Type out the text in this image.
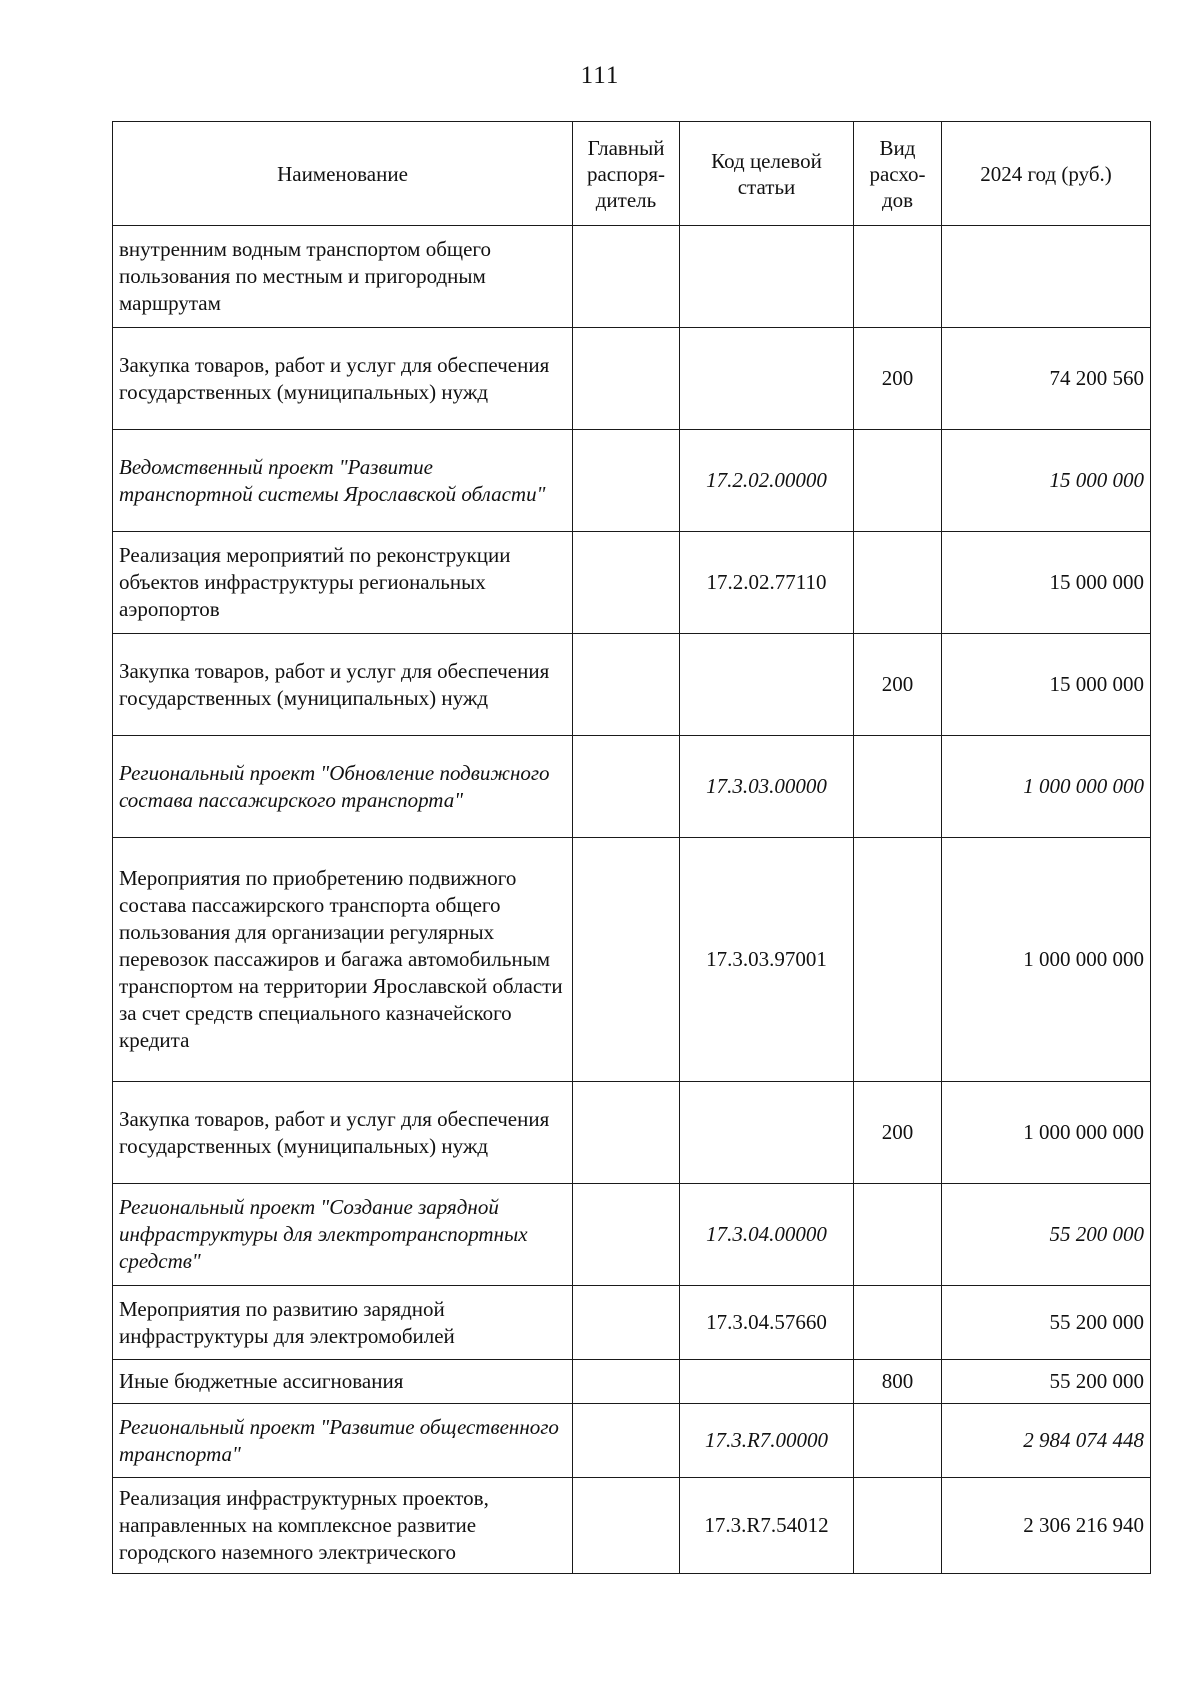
111
Наименование	Главный распоря-дитель	Код целевой статьи	Вид расхо-дов	2024 год (руб.)
внутренним водным транспортом общего пользования по местным и пригородным маршрутам				
Закупка товаров, работ и услуг для обеспечения государственных (муниципальных) нужд			200	74 200 560
Ведомственный проект "Развитие транспортной системы Ярославской области"		17.2.02.00000		15 000 000
Реализация мероприятий по реконструкции объектов инфраструктуры региональных аэропортов		17.2.02.77110		15 000 000
Закупка товаров, работ и услуг для обеспечения государственных (муниципальных) нужд			200	15 000 000
Региональный проект "Обновление подвижного состава пассажирского транспорта"		17.3.03.00000		1 000 000 000
Мероприятия по приобретению подвижного состава пассажирского транспорта общего пользования для организации регулярных перевозок пассажиров и багажа автомобильным транспортом на территории Ярославской области за счет средств специального казначейского кредита		17.3.03.97001		1 000 000 000
Закупка товаров, работ и услуг для обеспечения государственных (муниципальных) нужд			200	1 000 000 000
Региональный проект "Создание зарядной инфраструктуры для электротранспортных средств"		17.3.04.00000		55 200 000
Мероприятия по развитию зарядной инфраструктуры для электромобилей		17.3.04.57660		55 200 000
Иные бюджетные ассигнования			800	55 200 000
Региональный проект "Развитие общественного транспорта"		17.3.R7.00000		2 984 074 448
Реализация инфраструктурных проектов, направленных на комплексное развитие городского наземного электрического		17.3.R7.54012		2 306 216 940
